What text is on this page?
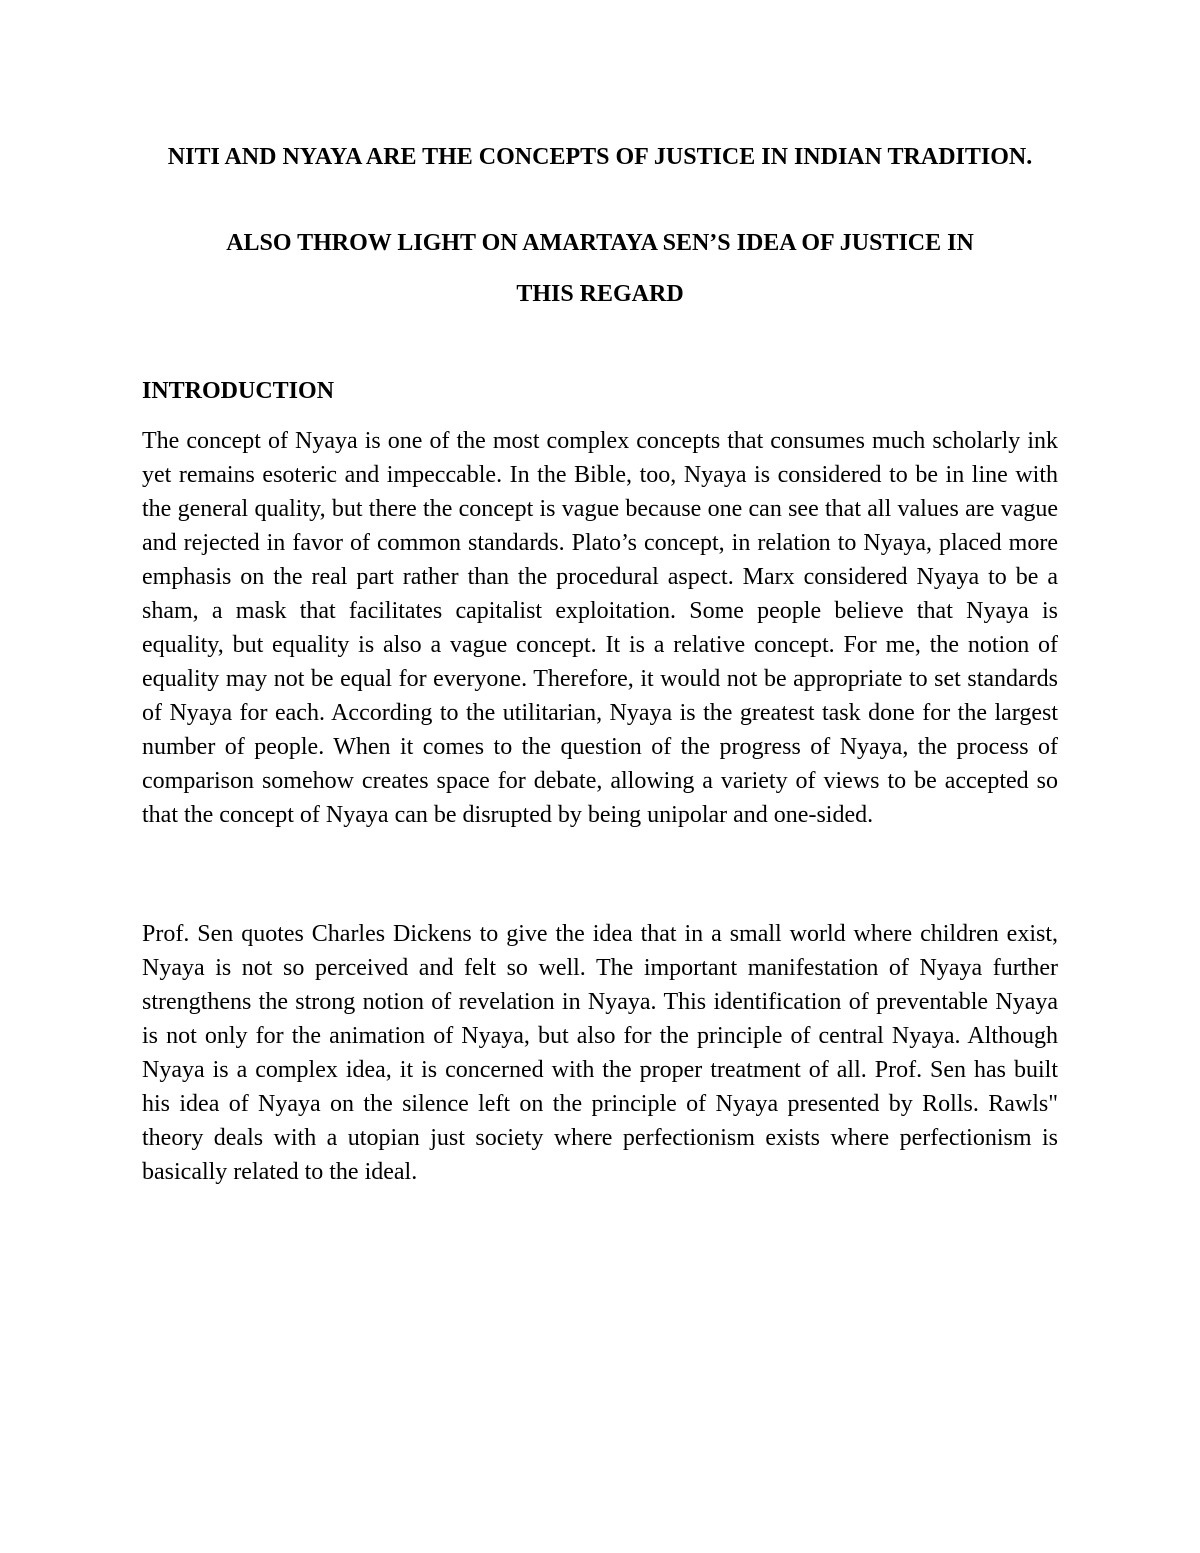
NITI AND NYAYA ARE THE CONCEPTS OF JUSTICE IN INDIAN TRADITION.
ALSO THROW LIGHT ON AMARTAYA SEN’S IDEA OF JUSTICE IN
THIS REGARD
INTRODUCTION

The concept of Nyaya is one of the most complex concepts that consumes much scholarly ink yet remains esoteric and impeccable. In the Bible, too, Nyaya is considered to be in line with the general quality, but there the concept is vague because one can see that all values are vague and rejected in favor of common standards. Plato’s concept, in relation to Nyaya, placed more emphasis on the real part rather than the procedural aspect. Marx considered Nyaya to be a sham, a mask that facilitates capitalist exploitation. Some people believe that Nyaya is equality, but equality is also a vague concept. It is a relative concept. For me, the notion of equality may not be equal for everyone. Therefore, it would not be appropriate to set standards of Nyaya for each. According to the utilitarian, Nyaya is the greatest task done for the largest number of people. When it comes to the question of the progress of Nyaya, the process of comparison somehow creates space for debate, allowing a variety of views to be accepted so that the concept of Nyaya can be disrupted by being unipolar and one-sided.

Prof. Sen quotes Charles Dickens to give the idea that in a small world where children exist, Nyaya is not so perceived and felt so well. The important manifestation of Nyaya further strengthens the strong notion of revelation in Nyaya. This identification of preventable Nyaya is not only for the animation of Nyaya, but also for the principle of central Nyaya. Although Nyaya is a complex idea, it is concerned with the proper treatment of all. Prof. Sen has built his idea of Nyaya on the silence left on the principle of Nyaya presented by Rolls. Rawls" theory deals with a utopian just society where perfectionism exists where perfectionism is basically related to the ideal.
